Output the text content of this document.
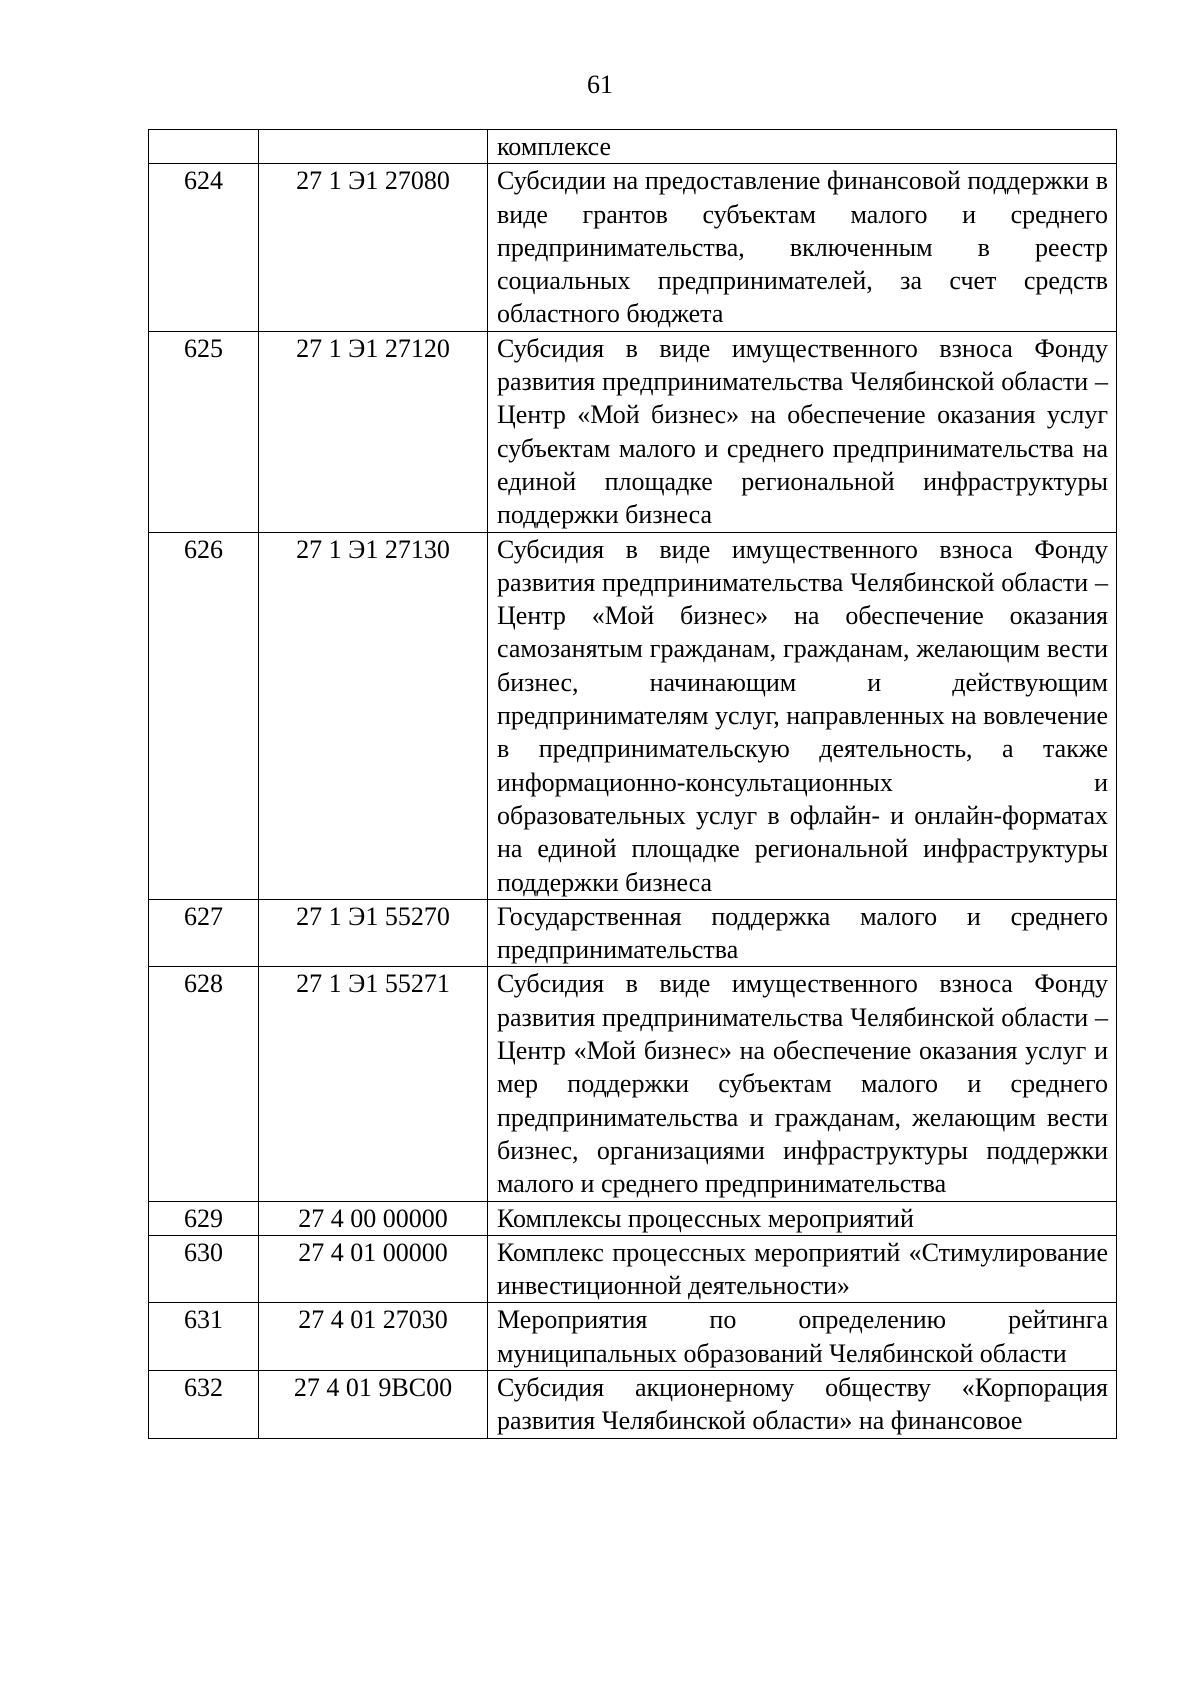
61
		комплексе
624	27 1 Э1 27080	Субсидии на предоставление финансовой поддержки в виде грантов субъектам малого и среднего предпринимательства, включенным в реестр социальных предпринимателей, за счет средств областного бюджета
625	27 1 Э1 27120	Субсидия в виде имущественного взноса Фонду развития предпринимательства Челябинской области – Центр «Мой бизнес» на обеспечение оказания услуг субъектам малого и среднего предпринимательства на единой площадке региональной инфраструктуры поддержки бизнеса
626	27 1 Э1 27130	Субсидия в виде имущественного взноса Фонду развития предпринимательства Челябинской области – Центр «Мой бизнес» на обеспечение оказания самозанятым гражданам, гражданам, желающим вести бизнес, начинающим и действующим предпринимателям услуг, направленных на вовлечение в предпринимательскую деятельность, а также информационно-консультационных и образовательных услуг в офлайн- и онлайн-форматах на единой площадке региональной инфраструктуры поддержки бизнеса
627	27 1 Э1 55270	Государственная поддержка малого и среднего предпринимательства
628	27 1 Э1 55271	Субсидия в виде имущественного взноса Фонду развития предпринимательства Челябинской области – Центр «Мой бизнес» на обеспечение оказания услуг и мер поддержки субъектам малого и среднего предпринимательства и гражданам, желающим вести бизнес, организациями инфраструктуры поддержки малого и среднего предпринимательства
629	27 4 00 00000	Комплексы процессных мероприятий
630	27 4 01 00000	Комплекс процессных мероприятий «Стимулирование инвестиционной деятельности»
631	27 4 01 27030	Мероприятия по определению рейтинга муниципальных образований Челябинской области
632	27 4 01 9ВС00	Субсидия акционерному обществу «Корпорация развития Челябинской области» на финансовое
